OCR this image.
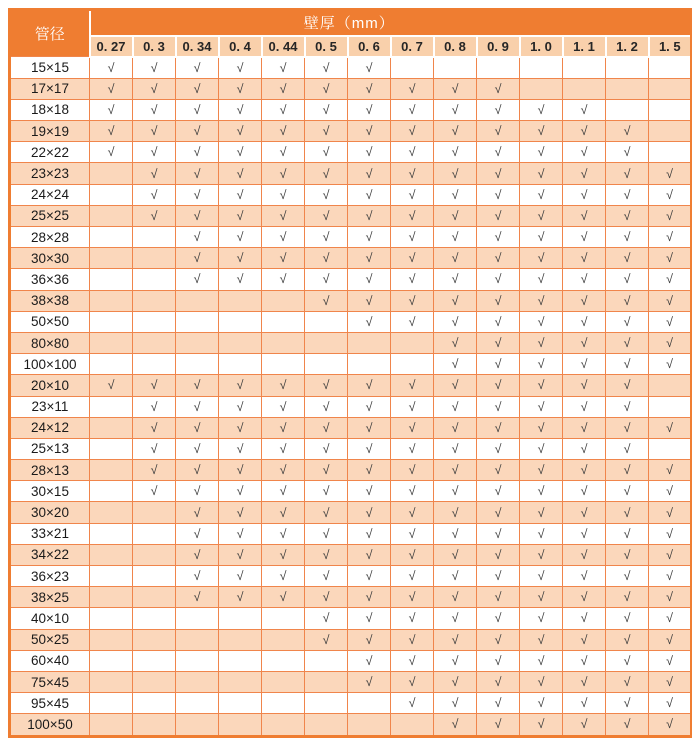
管径	壁厚（mm）													
	0. 27	0. 3	0. 34	0. 4	0. 44	0. 5	0. 6	0. 7	0. 8	0. 9	1. 0	1. 1	1. 2	1. 5
15×15	√	√	√	√	√	√	√							
17×17	√	√	√	√	√	√	√	√	√	√				
18×18	√	√	√	√	√	√	√	√	√	√	√	√		
19×19	√	√	√	√	√	√	√	√	√	√	√	√	√	
22×22	√	√	√	√	√	√	√	√	√	√	√	√	√	
23×23		√	√	√	√	√	√	√	√	√	√	√	√	√
24×24		√	√	√	√	√	√	√	√	√	√	√	√	√
25×25		√	√	√	√	√	√	√	√	√	√	√	√	√
28×28			√	√	√	√	√	√	√	√	√	√	√	√
30×30			√	√	√	√	√	√	√	√	√	√	√	√
36×36			√	√	√	√	√	√	√	√	√	√	√	√
38×38						√	√	√	√	√	√	√	√	√
50×50							√	√	√	√	√	√	√	√
80×80									√	√	√	√	√	√
100×100									√	√	√	√	√	√
20×10	√	√	√	√	√	√	√	√	√	√	√	√	√	
23×11		√	√	√	√	√	√	√	√	√	√	√	√	
24×12		√	√	√	√	√	√	√	√	√	√	√	√	√
25×13		√	√	√	√	√	√	√	√	√	√	√	√	
28×13		√	√	√	√	√	√	√	√	√	√	√	√	√
30×15		√	√	√	√	√	√	√	√	√	√	√	√	√
30×20			√	√	√	√	√	√	√	√	√	√	√	√
33×21			√	√	√	√	√	√	√	√	√	√	√	√
34×22			√	√	√	√	√	√	√	√	√	√	√	√
36×23			√	√	√	√	√	√	√	√	√	√	√	√
38×25			√	√	√	√	√	√	√	√	√	√	√	√
40×10						√	√	√	√	√	√	√	√	√
50×25						√	√	√	√	√	√	√	√	√
60×40							√	√	√	√	√	√	√	√
75×45							√	√	√	√	√	√	√	√
95×45								√	√	√	√	√	√	√
100×50									√	√	√	√	√	√
